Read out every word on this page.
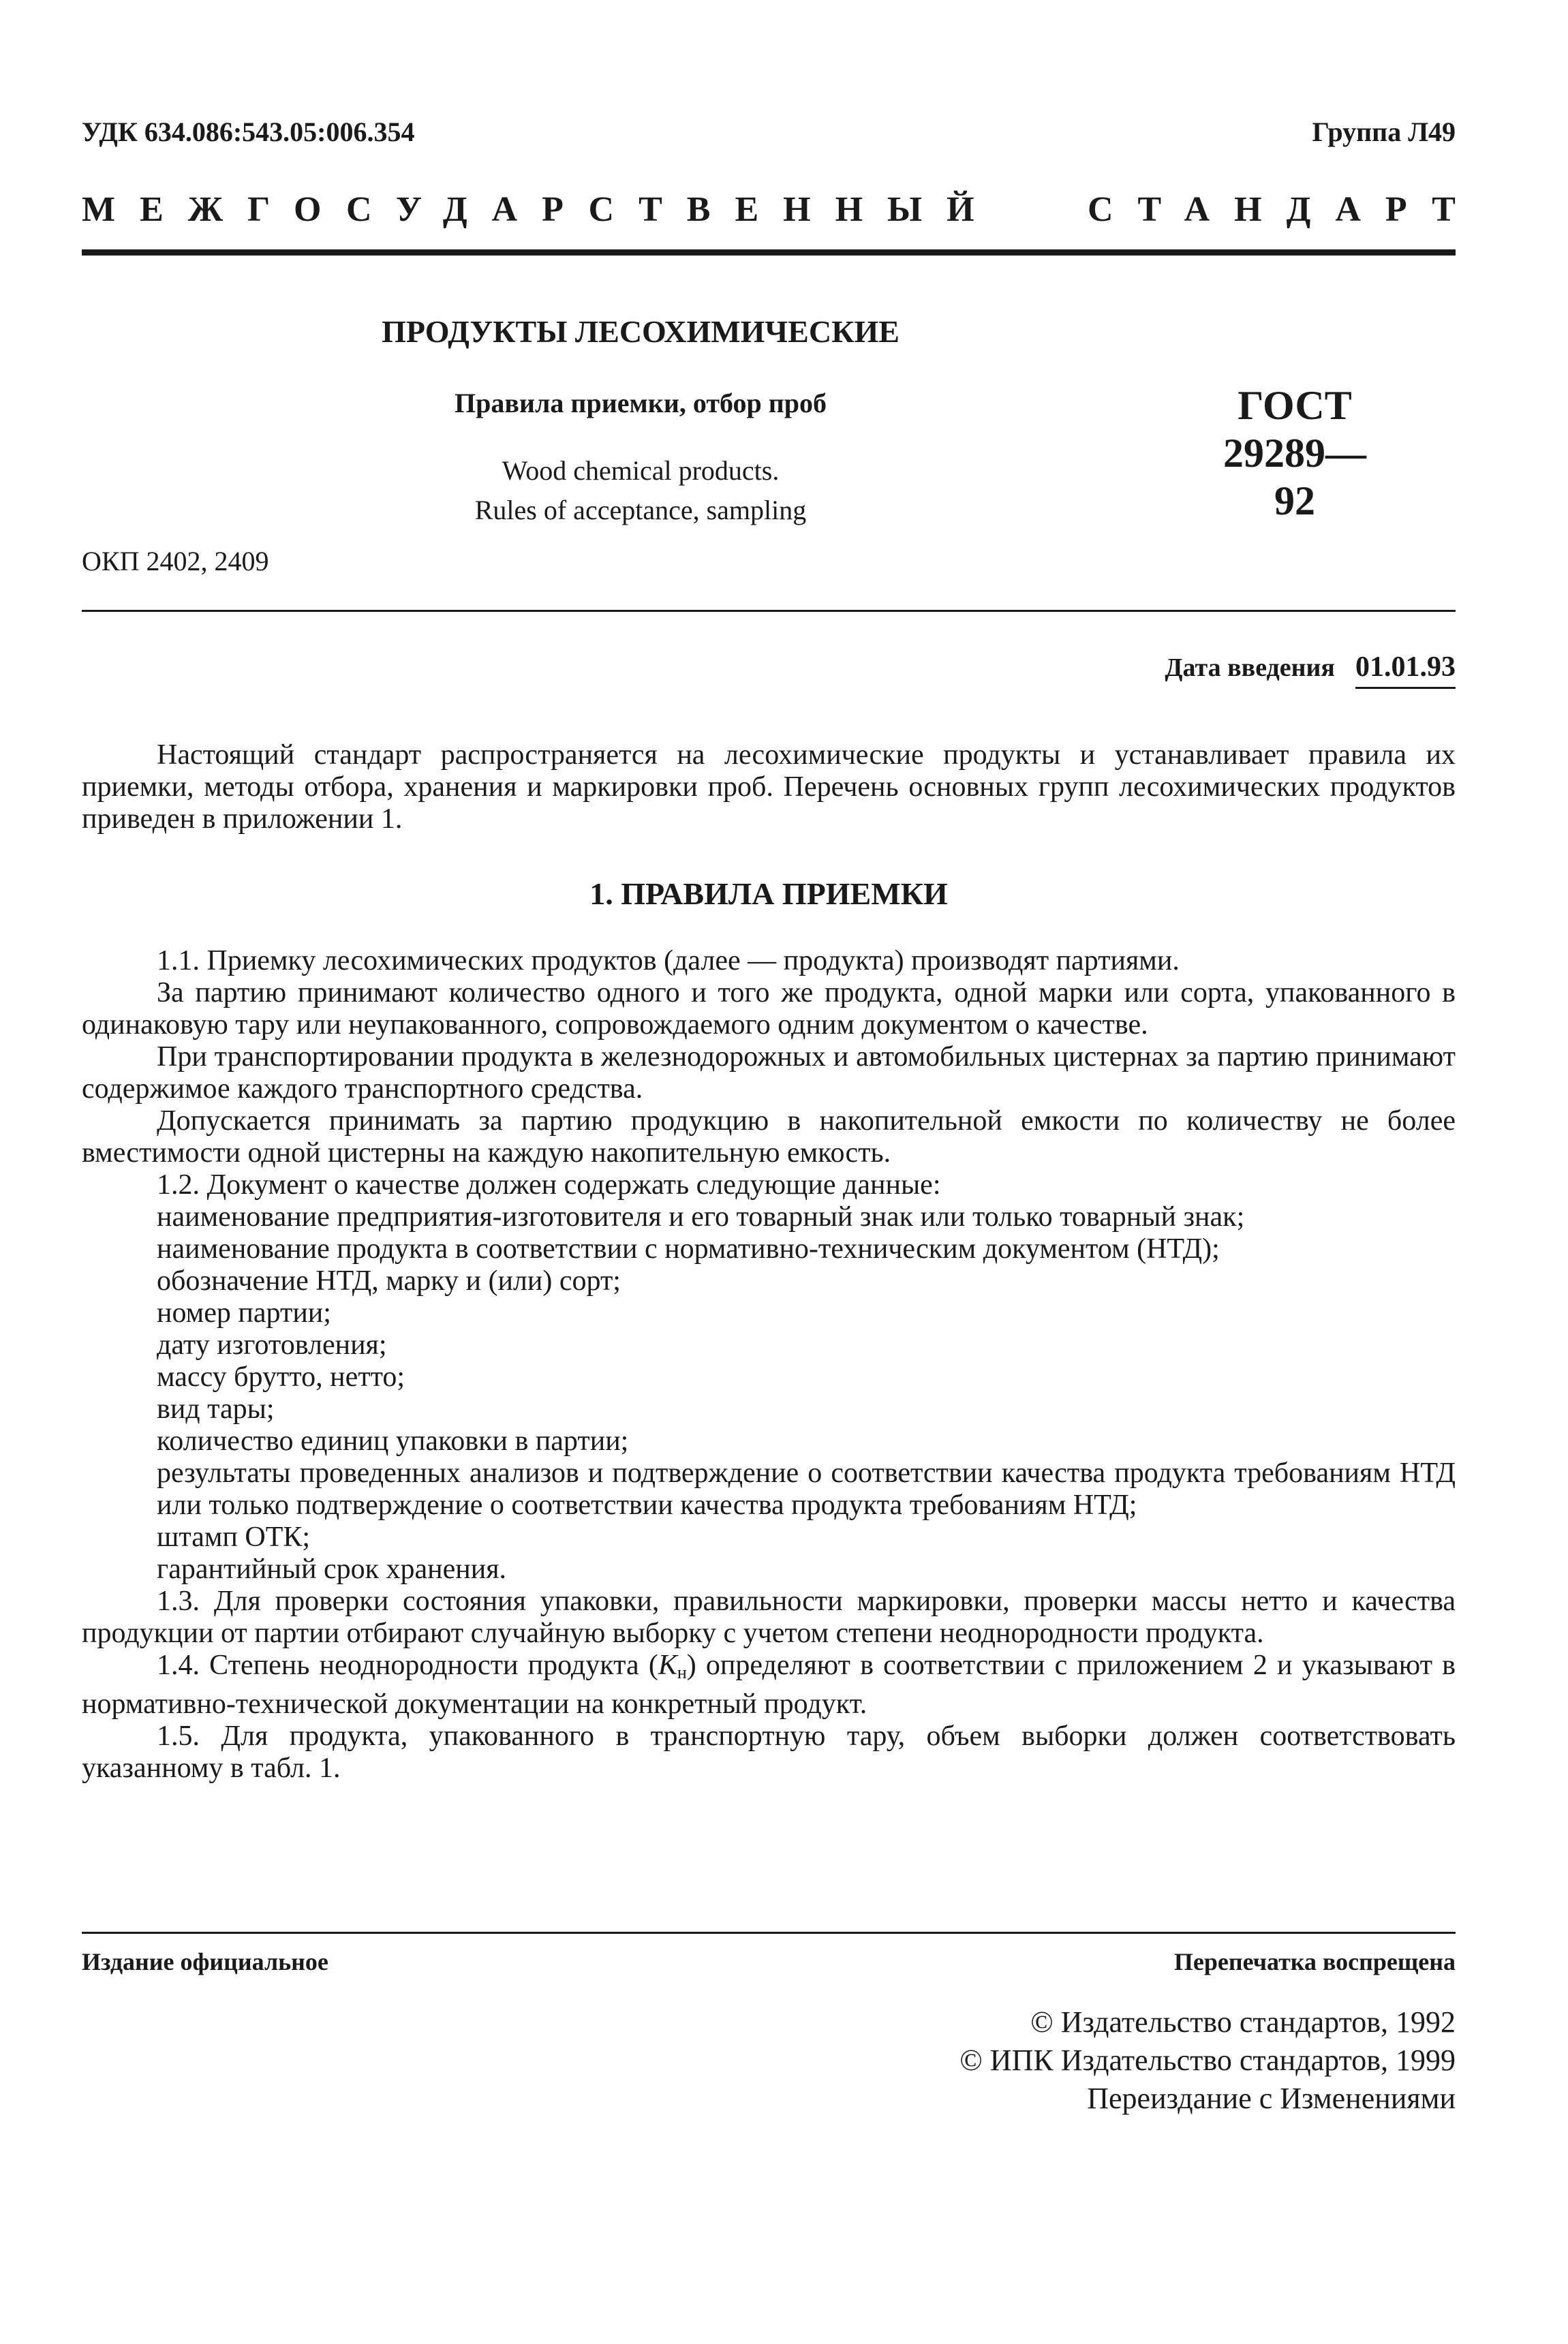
УДК 634.086:543.05:006.354	Группа Л49
МЕЖГОСУДАРСТВЕННЫЙ	СТАНДАРТ
ПРОДУКТЫ ЛЕСОХИМИЧЕСКИЕ
Правила приемки, отбор проб
Wood chemical products.
Rules of acceptance, sampling
ГОСТ
29289—92
ОКП 2402, 2409
Дата введения 01.01.93

Настоящий стандарт распространяется на лесохимические продукты и устанавливает правила их приемки, методы отбора, хранения и маркировки проб. Перечень основных групп лесохимических продуктов приведен в приложении 1.

1. ПРАВИЛА ПРИЕМКИ

1.1. Приемку лесохимических продуктов (далее — продукта) производят партиями.

За партию принимают количество одного и того же продукта, одной марки или сорта, упакованного в одинаковую тару или неупакованного, сопровождаемого одним документом о качестве.

При транспортировании продукта в железнодорожных и автомобильных цистернах за партию принимают содержимое каждого транспортного средства.

Допускается принимать за партию продукцию в накопительной емкости по количеству не более вместимости одной цистерны на каждую накопительную емкость.

1.2. Документ о качестве должен содержать следующие данные:

наименование предприятия-изготовителя и его товарный знак или только товарный знак;

наименование продукта в соответствии с нормативно-техническим документом (НТД);

обозначение НТД, марку и (или) сорт;

номер партии;

дату изготовления;

массу брутто, нетто;

вид тары;

количество единиц упаковки в партии;

результаты проведенных анализов и подтверждение о соответствии качества продукта требованиям НТД или только подтверждение о соответствии качества продукта требованиям НТД;

штамп ОТК;

гарантийный срок хранения.

1.3. Для проверки состояния упаковки, правильности маркировки, проверки массы нетто и качества продукции от партии отбирают случайную выборку с учетом степени неоднородности продукта.

1.4. Степень неоднородности продукта $(K_н)$ определяют в соответствии с приложением 2 и указывают в нормативно-технической документации на конкретный продукт.

1.5. Для продукта, упакованного в транспортную тару, объем выборки должен соответствовать указанному в табл. 1.

Издание официальное	Перепечатка воспрещена
© Издательство стандартов, 1992
© ИПК Издательство стандартов, 1999
Переиздание с Изменениями
